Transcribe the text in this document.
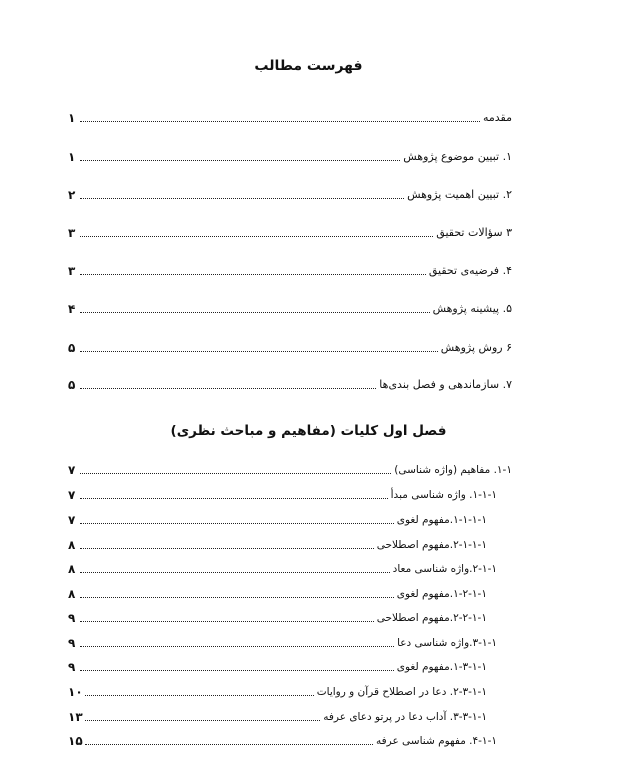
فهرست مطالب
مقدمه
۱
۱. تبیین موضوع پژوهش
۱
۲. تبیین اهمیت پژوهش
۲
۳ سؤالات تحقیق
۳
۴. فرضیه‌ی تحقیق
۳
۵. پیشینه پژوهش
۴
۶ روش پژوهش
۵
۷. سازماندهی و فصل بندی‌ها
۵
فصل اول کلیات (مفاهیم و مباحث نظری)
۱-۱. مفاهیم (واژه شناسی)
۷
۱-۱-۱. واژه شناسی مبدأ
۷
۱-۱-۱-۱.مفهوم لغوی
۷
۲-۱-۱-۱.مفهوم اصطلاحی
۸
۲-۱-۱.واژه شناسی معاد
۸
۱-۲-۱-۱.مفهوم لغوی
۸
۲-۲-۱-۱.مفهوم اصطلاحی
۹
۳-۱-۱.واژه شناسی دعا
۹
۱-۳-۱-۱.مفهوم لغوی
۹
۲-۳-۱-۱. دعا در اصطلاح قرآن و روایات
۱۰
۳-۳-۱-۱. آداب دعا در پرتو دعای عرفه
۱۳
۴-۱-۱. مفهوم شناسی عرفه
۱۵
